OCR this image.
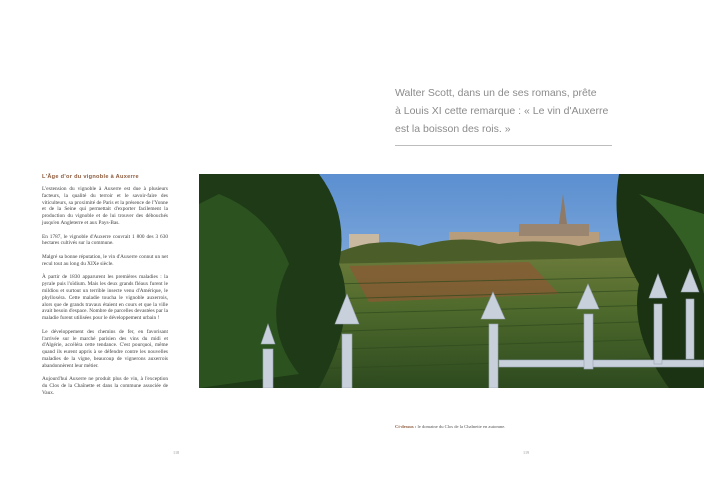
Walter Scott, dans un de ses romans, prête
à Louis XI cette remarque : « Le vin d'Auxerre
est la boisson des rois. »
L'Âge d'or du vignoble à Auxerre

L'extension du vignoble à Auxerre est due à plusieurs facteurs, la qualité du terroir et le savoir-faire des viticulteurs, sa proximité de Paris et la présence de l'Yonne et de la Seine qui permettait d'exporter facilement la production du vignoble et de lui trouver des débouchés jusqu'en Angleterre et aux Pays-Bas.

En 1787, le vignoble d'Auxerre couvrait 1 800 des 3 630 hectares cultivés sur la commune.

Malgré sa bonne réputation, le vin d'Auxerre connut un net recul tout au long du XIXe siècle.

À partir de 1830 apparurent les premières maladies : la pyrale puis l'oïdium. Mais les deux grands fléaux furent le mildiou et surtout un terrible insecte venu d'Amérique, le phylloxéra. Cette maladie toucha le vignoble auxerrois, alors que de grands travaux étaient en cours et que la ville avait besoin d'espace. Nombre de parcelles devastées par la maladie furent utilisées pour le développement urbain !

Le développement des chemins de fer, en favorisant l'arrivée sur le marché parisien des vins du midi et d'Algérie, accéléra cette tendance. C'est pourquoi, même quand ils eurent appris à se défendre contre les nouvelles maladies de la vigne, beaucoup de vignerons auxerrois abandonnèrent leur métier.

Aujourd'hui Auxerre ne produit plus de vin, à l'exception du Clos de la Chaînette et dans la commune associée de Vaux.

Ci-dessus : le domaine du Clos de la Chaînette en automne.
118	119
